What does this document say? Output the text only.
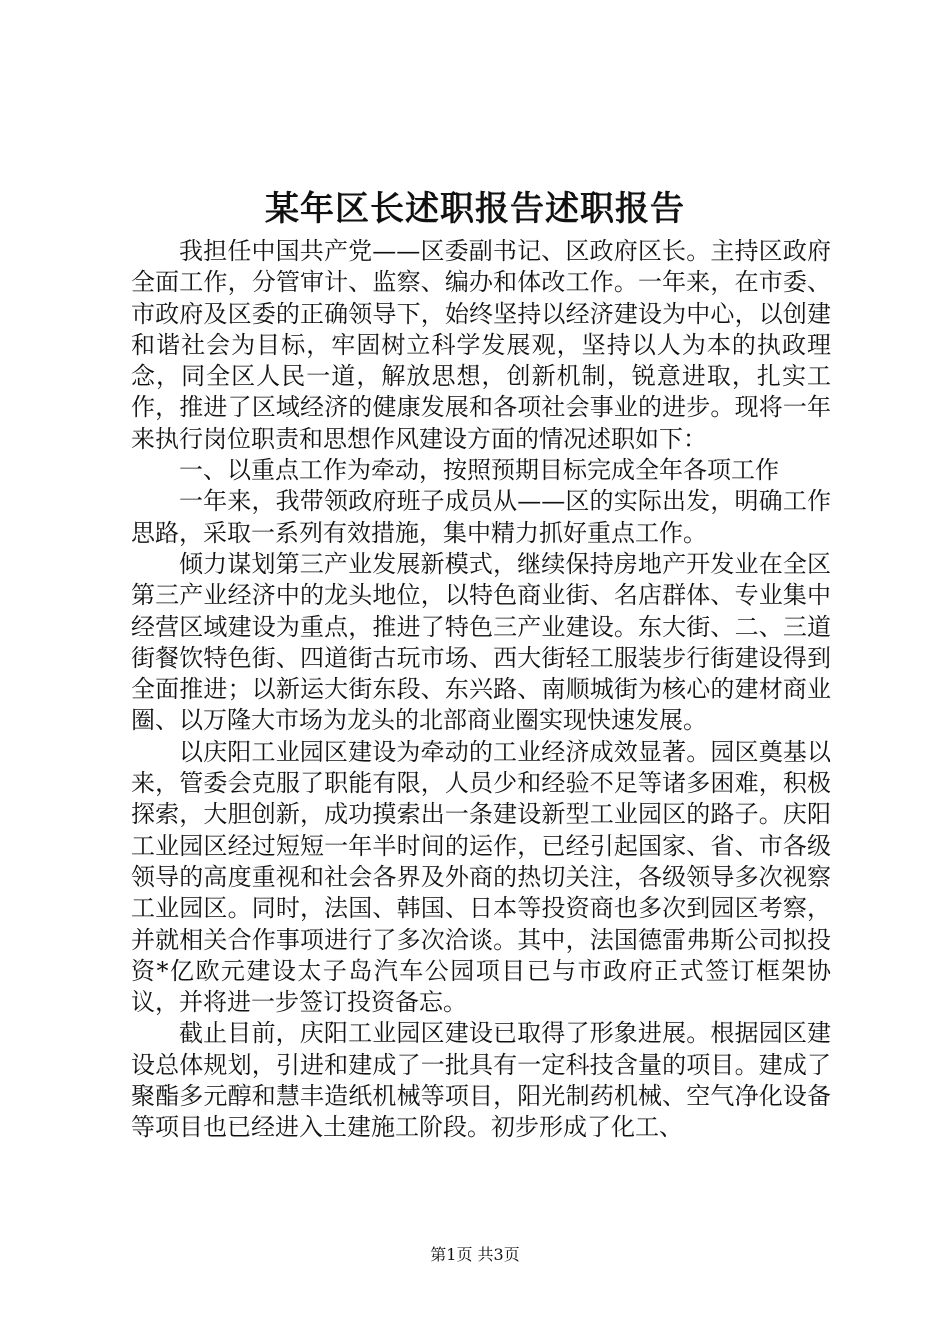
某年区长述职报告述职报告

我担任中国共产党——区委副书记、区政府区长。主持区政府全面工作，分管审计、监察、编办和体改工作。一年来，在市委、市政府及区委的正确领导下，始终坚持以经济建设为中心，以创建和谐社会为目标，牢固树立科学发展观，坚持以人为本的执政理念，同全区人民一道，解放思想，创新机制，锐意进取，扎实工作，推进了区域经济的健康发展和各项社会事业的进步。现将一年来执行岗位职责和思想作风建设方面的情况述职如下：

一、以重点工作为牵动，按照预期目标完成全年各项工作

一年来，我带领政府班子成员从——区的实际出发，明确工作思路，采取一系列有效措施，集中精力抓好重点工作。

倾力谋划第三产业发展新模式，继续保持房地产开发业在全区第三产业经济中的龙头地位，以特色商业街、名店群体、专业集中经营区域建设为重点，推进了特色三产业建设。东大街、二、三道街餐饮特色街、四道街古玩市场、西大街轻工服装步行街建设得到全面推进；以新运大街东段、东兴路、南顺城街为核心的建材商业圈、以万隆大市场为龙头的北部商业圈实现快速发展。

以庆阳工业园区建设为牵动的工业经济成效显著。园区奠基以来，管委会克服了职能有限，人员少和经验不足等诸多困难，积极探索，大胆创新，成功摸索出一条建设新型工业园区的路子。庆阳工业园区经过短短一年半时间的运作，已经引起国家、省、市各级领导的高度重视和社会各界及外商的热切关注，各级领导多次视察工业园区。同时，法国、韩国、日本等投资商也多次到园区考察，并就相关合作事项进行了多次洽谈。其中，法国德雷弗斯公司拟投资*亿欧元建设太子岛汽车公园项目已与市政府正式签订框架协议，并将进一步签订投资备忘。

截止目前，庆阳工业园区建设已取得了形象进展。根据园区建设总体规划，引进和建成了一批具有一定科技含量的项目。建成了聚酯多元醇和慧丰造纸机械等项目，阳光制药机械、空气净化设备等项目也已经进入土建施工阶段。初步形成了化工、

第1页 共3页
